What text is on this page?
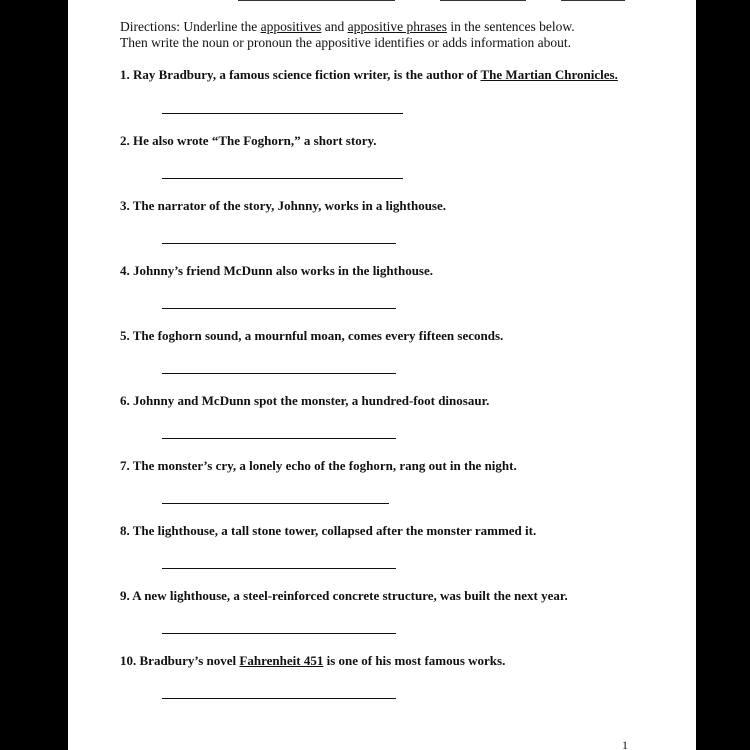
Directions: Underline the appositives and appositive phrases in the sentences below.
Then write the noun or pronoun the appositive identifies or adds information about.
1. Ray Bradbury, a famous science fiction writer, is the author of The Martian Chronicles.
2. He also wrote “The Foghorn,” a short story.
3. The narrator of the story, Johnny, works in a lighthouse.
4. Johnny’s friend McDunn also works in the lighthouse.
5. The foghorn sound, a mournful moan, comes every fifteen seconds.
6. Johnny and McDunn spot the monster, a hundred-foot dinosaur.
7. The monster’s cry, a lonely echo of the foghorn, rang out in the night.
8. The lighthouse, a tall stone tower, collapsed after the monster rammed it.
9. A new lighthouse, a steel-reinforced concrete structure, was built the next year.
10. Bradbury’s novel Fahrenheit 451 is one of his most famous works.
1
